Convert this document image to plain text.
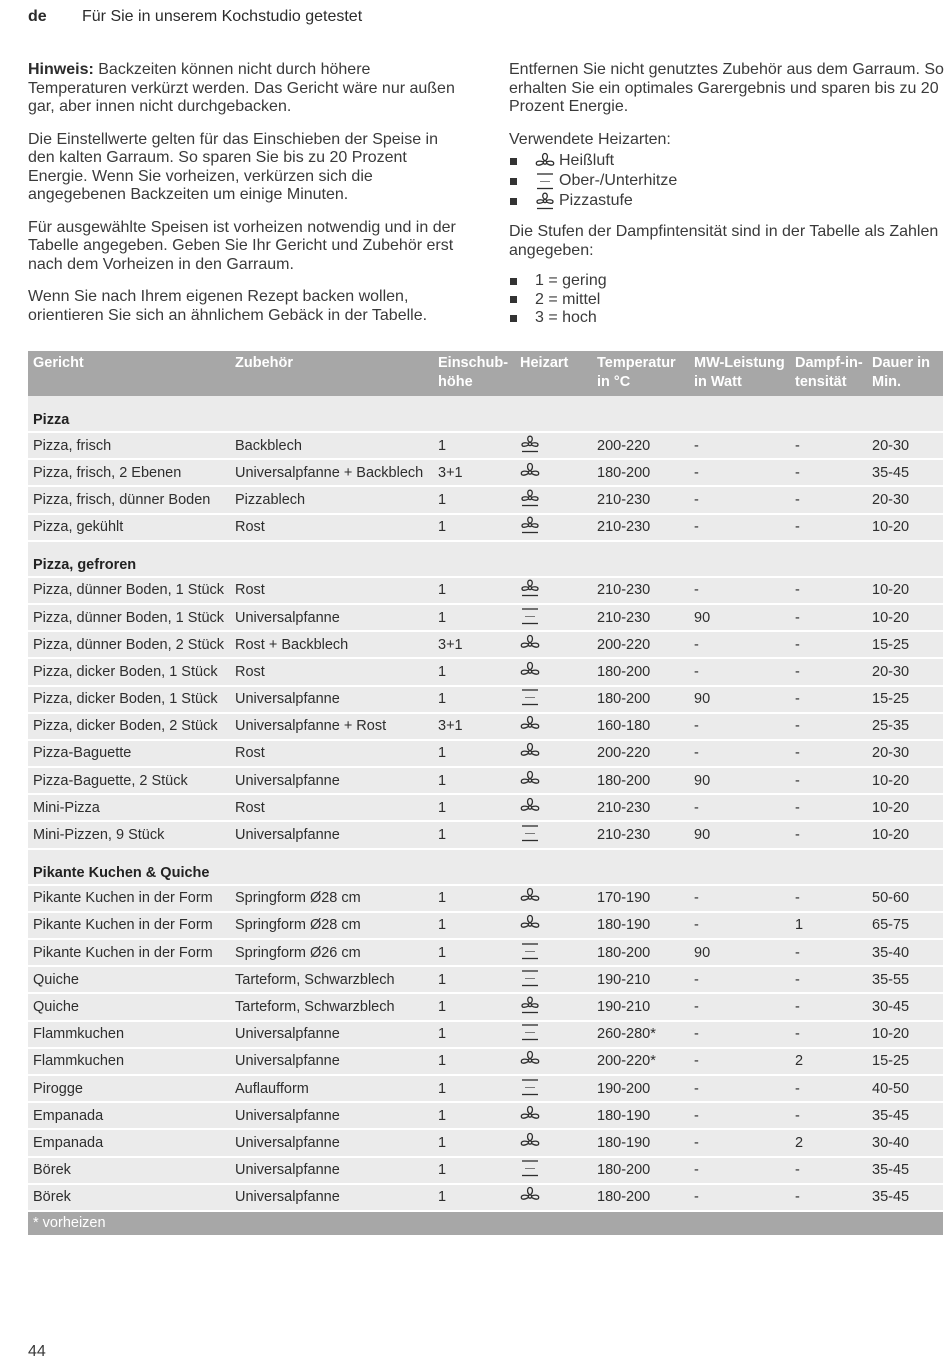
de Für Sie in unserem Kochstudio getestet

Hinweis: Backzeiten können nicht durch höhere Temperaturen verkürzt werden. Das Gericht wäre nur außen gar, aber innen nicht durchgebacken.

Die Einstellwerte gelten für das Einschieben der Speise in den kalten Garraum. So sparen Sie bis zu 20 Prozent Energie. Wenn Sie vorheizen, verkürzen sich die angegebenen Backzeiten um einige Minuten.

Für ausgewählte Speisen ist vorheizen notwendig und in der Tabelle angegeben. Geben Sie Ihr Gericht und Zubehör erst nach dem Vorheizen in den Garraum.

Wenn Sie nach Ihrem eigenen Rezept backen wollen, orientieren Sie sich an ähnlichem Gebäck in der Tabelle.

Entfernen Sie nicht genutztes Zubehör aus dem Garraum. So erhalten Sie ein optimales Garergebnis und sparen bis zu 20 Prozent Energie.

Verwendete Heizarten:

Heißluft
Ober-/Unterhitze
Pizzastufe

Die Stufen der Dampfintensität sind in der Tabelle als Zahlen angegeben:

1 = gering
2 = mittel
3 = hoch
Gericht	Zubehör	Einschub-höhe	Heizart	Temperatur in °C	MW-Leistung in Watt	Dampf-in-tensität	Dauer in Min.
Pizza							
Pizza, frisch	Backblech	1		200-220	-	-	20-30
Pizza, frisch, 2 Ebenen	Universalpfanne + Backblech	3+1		180-200	-	-	35-45
Pizza, frisch, dünner Boden	Pizzablech	1		210-230	-	-	20-30
Pizza, gekühlt	Rost	1		210-230	-	-	10-20
Pizza, gefroren							
Pizza, dünner Boden, 1 Stück	Rost	1		210-230	-	-	10-20
Pizza, dünner Boden, 1 Stück	Universalpfanne	1		210-230	90	-	10-20
Pizza, dünner Boden, 2 Stück	Rost + Backblech	3+1		200-220	-	-	15-25
Pizza, dicker Boden, 1 Stück	Rost	1		180-200	-	-	20-30
Pizza, dicker Boden, 1 Stück	Universalpfanne	1		180-200	90	-	15-25
Pizza, dicker Boden, 2 Stück	Universalpfanne + Rost	3+1		160-180	-	-	25-35
Pizza-Baguette	Rost	1		200-220	-	-	20-30
Pizza-Baguette, 2 Stück	Universalpfanne	1		180-200	90	-	10-20
Mini-Pizza	Rost	1		210-230	-	-	10-20
Mini-Pizzen, 9 Stück	Universalpfanne	1		210-230	90	-	10-20
Pikante Kuchen & Quiche							
Pikante Kuchen in der Form	Springform Ø28 cm	1		170-190	-	-	50-60
Pikante Kuchen in der Form	Springform Ø28 cm	1		180-190	-	1	65-75
Pikante Kuchen in der Form	Springform Ø26 cm	1		180-200	90	-	35-40
Quiche	Tarteform, Schwarzblech	1		190-210	-	-	35-55
Quiche	Tarteform, Schwarzblech	1		190-210	-	-	30-45
Flammkuchen	Universalpfanne	1		260-280*	-	-	10-20
Flammkuchen	Universalpfanne	1		200-220*	-	2	15-25
Pirogge	Auflaufform	1		190-200	-	-	40-50
Empanada	Universalpfanne	1		180-190	-	-	35-45
Empanada	Universalpfanne	1		180-190	-	2	30-40
Börek	Universalpfanne	1		180-200	-	-	35-45
Börek	Universalpfanne	1		180-200	-	-	35-45
* vorheizen							
44
